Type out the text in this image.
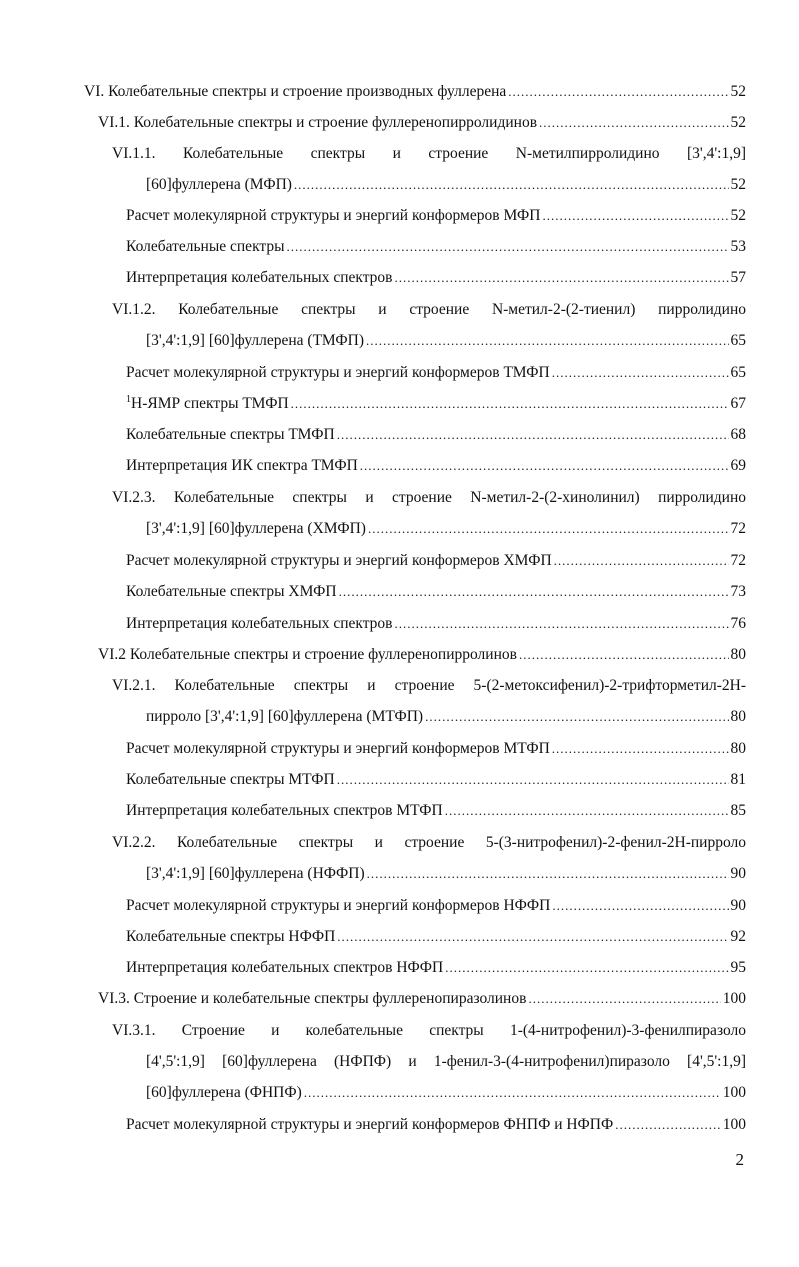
VI. Колебательные спектры и строение производных фуллерена .....	52
VI.1. Колебательные спектры и строение фуллеренопирролидинов .....	52
VI.1.1. Колебательные спектры и строение N-метилпирролидино [3',4':1,9]
[60]фуллерена (МФП) .....	52
Расчет молекулярной структуры и энергий конформеров МФП .....	52
Колебательные спектры .....	53
Интерпретация колебательных спектров .....	57
VI.1.2. Колебательные спектры и строение N-метил-2-(2-тиенил) пирролидино
[3',4':1,9] [60]фуллерена (ТМФП) .....	65
Расчет молекулярной структуры и энергий конформеров ТМФП .....	65
$^1$Н-ЯМР спектры ТМФП .....	67
Колебательные спектры ТМФП .....	68
Интерпретация ИК спектра ТМФП .....	69
VI.2.3. Колебательные спектры и строение N-метил-2-(2-хинолинил) пирролидино
[3',4':1,9] [60]фуллерена (ХМФП) .....	72
Расчет молекулярной структуры и энергий конформеров ХМФП .....	72
Колебательные спектры ХМФП .....	73
Интерпретация колебательных спектров .....	76
VI.2 Колебательные спектры и строение фуллеренопирролинов .....	80
VI.2.1. Колебательные спектры и строение 5-(2-метоксифенил)-2-трифторметил-2Н-
пирроло [3',4':1,9] [60]фуллерена (МТФП) .....	80
Расчет молекулярной структуры и энергий конформеров МТФП .....	80
Колебательные спектры МТФП .....	81
Интерпретация колебательных спектров МТФП .....	85
VI.2.2. Колебательные спектры и строение 5-(3-нитрофенил)-2-фенил-2Н-пирроло
[3',4':1,9] [60]фуллерена (НФФП) .....	90
Расчет молекулярной структуры и энергий конформеров НФФП .....	90
Колебательные спектры НФФП .....	92
Интерпретация колебательных спектров НФФП .....	95
VI.3. Строение и колебательные спектры фуллеренопиразолинов .....	100
VI.3.1. Строение и колебательные спектры 1-(4-нитрофенил)-3-фенилпиразоло
[4',5':1,9] [60]фуллерена (НФПФ) и 1-фенил-3-(4-нитрофенил)пиразоло [4',5':1,9]
[60]фуллерена (ФНПФ) .....	100
Расчет молекулярной структуры и энергий конформеров ФНПФ и НФПФ .....	100
2
